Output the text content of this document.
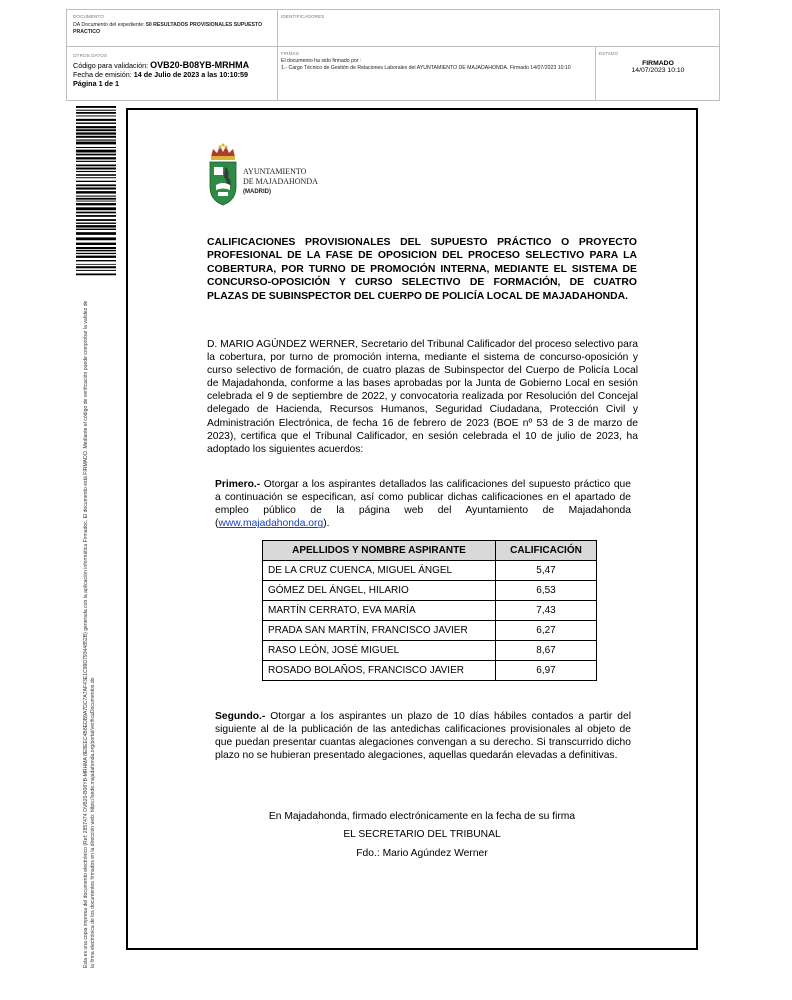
DOCUMENTO
DA Documento del expediente: 50 RESULTADOS PROVISIONALES SUPUESTO PRACTICO
IDENTIFICADORES
OTROS DATOS
Código para validación: OVB20-B08YB-MRHMA
Fecha de emisión: 14 de Julio de 2023 a las 10:10:59
Página 1 de 1
FIRMAS
El documento ha sido firmado por :
1.- Cargo Técnico de Gestión de Relaciones Laborales del AYUNTAMIENTO DE MAJADAHONDA. Firmado 14/07/2023 10:10
ESTADO
FIRMADO
14/07/2023 10:10
Esta es una copia impresa del documento electrónico (Ref: 2857474 OVB20-B08YB-MRHMA 8E8EEC4B8EDB9A7DC7A7AF43E1C99D79344852B) generada con la aplicación informática Firmadoc. El documento está FIRMADO. Mediante el código de verificación puede comprobar la validez de la firma electrónica de los documentos firmados en la dirección web: https://sede.majadahonda.org/portal/verificaDocumentos.do
AYUNTAMIENTO
DE MAJADAHONDA
(MADRID)
CALIFICACIONES PROVISIONALES DEL SUPUESTO PRÁCTICO O PROYECTO PROFESIONAL DE LA FASE DE OPOSICION DEL PROCESO SELECTIVO PARA LA COBERTURA, POR TURNO DE PROMOCIÓN INTERNA, MEDIANTE EL SISTEMA DE CONCURSO-OPOSICIÓN Y CURSO SELECTIVO DE FORMACIÓN, DE CUATRO PLAZAS DE SUBINSPECTOR DEL CUERPO DE POLICÍA LOCAL DE MAJADAHONDA.
D. MARIO AGÚNDEZ WERNER, Secretario del Tribunal Calificador del proceso selectivo para la cobertura, por turno de promoción interna, mediante el sistema de concurso-oposición y curso selectivo de formación, de cuatro plazas de Subinspector del Cuerpo de Policía Local de Majadahonda, conforme a las bases aprobadas por la Junta de Gobierno Local en sesión celebrada el 9 de septiembre de 2022, y convocatoria realizada por Resolución del Concejal delegado de Hacienda, Recursos Humanos, Seguridad Ciudadana, Protección Civil y Administración Electrónica, de fecha 16 de febrero de 2023 (BOE nº 53 de 3 de marzo de 2023), certifica que el Tribunal Calificador, en sesión celebrada el 10 de julio de 2023, ha adoptado los siguientes acuerdos:
Primero.- Otorgar a los aspirantes detallados las calificaciones del supuesto práctico que a continuación se especifican, así como publicar dichas calificaciones en el apartado de empleo público de la página web del Ayuntamiento de Majadahonda (www.majadahonda.org).
APELLIDOS Y NOMBRE ASPIRANTE	CALIFICACIÓN
DE LA CRUZ CUENCA, MIGUEL ÁNGEL	5,47
GÓMEZ DEL ÁNGEL, HILARIO	6,53
MARTÍN CERRATO, EVA MARÍA	7,43
PRADA SAN MARTÍN, FRANCISCO JAVIER	6,27
RASO LEÓN, JOSÉ MIGUEL	8,67
ROSADO BOLAÑOS, FRANCISCO JAVIER	6,97
Segundo.- Otorgar a los aspirantes un plazo de 10 días hábiles contados a partir del siguiente al de la publicación de las antedichas calificaciones provisionales al objeto de que puedan presentar cuantas alegaciones convengan a su derecho. Si transcurrido dicho plazo no se hubieran presentado alegaciones, aquellas quedarán elevadas a definitivas.
En Majadahonda, firmado electrónicamente en la fecha de su firma
EL SECRETARIO DEL TRIBUNAL
Fdo.: Mario Agúndez Werner
